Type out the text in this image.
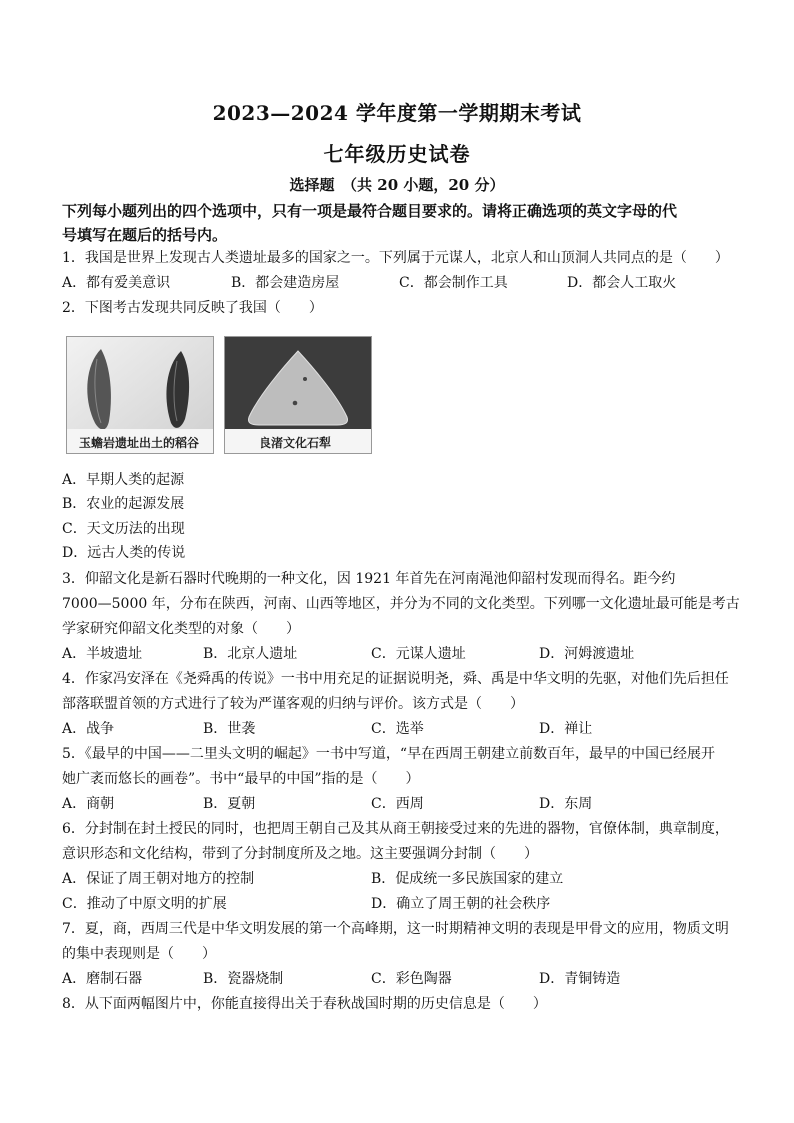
2023—2024 学年度第一学期期末考试
七年级历史试卷
选择题　（共 20 小题，20 分）
下列每小题列出的四个选项中，只有一项是最符合题目要求的。请将正确选项的英文字母的代
号填写在题后的括号内。
1．我国是世界上发现古人类遗址最多的国家之一。下列属于元谋人，北京人和山顶洞人共同点的是（　　）
A．都有爱美意识	B．都会建造房屋	C．都会制作工具	D．都会人工取火
2．下图考古发现共同反映了我国（　　）
玉蟾岩遗址出土的稻谷	良渚文化石犁
A．早期人类的起源
B．农业的起源发展
C．天文历法的出现
D．远古人类的传说
3．仰韶文化是新石器时代晚期的一种文化，因 1921 年首先在河南渑池仰韶村发现而得名。距今约
7000—5000 年，分布在陕西，河南、山西等地区，并分为不同的文化类型。下列哪一文化遗址最可能是考古
学家研究仰韶文化类型的对象（　　）
A．半坡遗址	B．北京人遗址	C．元谋人遗址	D．河姆渡遗址
4．作家冯安泽在《尧舜禹的传说》一书中用充足的证据说明尧，舜、禹是中华文明的先驱，对他们先后担任
部落联盟首领的方式进行了较为严谨客观的归纳与评价。该方式是（　　）
A．战争	B．世袭	C．选举	D．禅让
5．《最早的中国——二里头文明的崛起》一书中写道，“早在西周王朝建立前数百年，最早的中国已经展开
她广袤而悠长的画卷”。书中“最早的中国”指的是（　　）
A．商朝	B．夏朝	C．西周	D．东周
6．分封制在封土授民的同时，也把周王朝自己及其从商王朝接受过来的先进的器物，官僚体制，典章制度，
意识形态和文化结构，带到了分封制度所及之地。这主要强调分封制（　　）
A．保证了周王朝对地方的控制	B．促成统一多民族国家的建立
C．推动了中原文明的扩展	D．确立了周王朝的社会秩序
7．夏，商，西周三代是中华文明发展的第一个高峰期，这一时期精神文明的表现是甲骨文的应用，物质文明
的集中表现则是（　　）
A．磨制石器	B．瓷器烧制	C．彩色陶器	D．青铜铸造
8．从下面两幅图片中，你能直接得出关于春秋战国时期的历史信息是（　　）
